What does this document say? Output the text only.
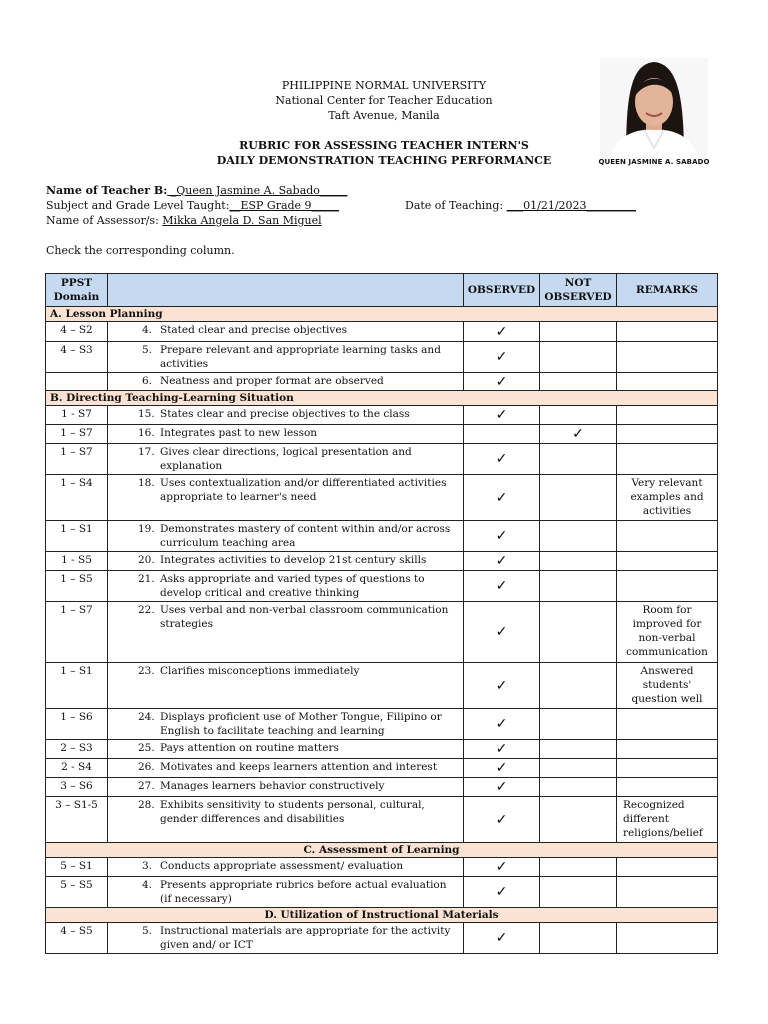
PHILIPPINE NORMAL UNIVERSITY
National Center for Teacher Education
Taft Avenue, Manila
RUBRIC FOR ASSESSING TEACHER INTERN'S
DAILY DEMONSTRATION TEACHING PERFORMANCE	QUEEN JASMINE A. SABADO
Name of Teacher B: _Queen Jasmine A. Sabado_____
Subject and Grade Level Taught:__ESP Grade 9_____	Date of Teaching: ___01/21/2023_________
Name of Assessor/s: Mikka Angela D. San Miguel
Check the corresponding column.
PPST Domain		OBSERVED	NOT OBSERVED	REMARKS
A. Lesson Planning				
4 – S2	4. Stated clear and precise objectives	✓		
4 – S3	5. Prepare relevant and appropriate learning tasks and activities	✓		
	6. Neatness and proper format are observed	✓		
B. Directing Teaching-Learning Situation				
1 - S7	15. States clear and precise objectives to the class	✓		
1 – S7	16. Integrates past to new lesson		✓	
1 – S7	17. Gives clear directions, logical presentation and explanation	✓		
1 – S4	18. Uses contextualization and/or differentiated activities appropriate to learner's need	✓		Very relevant examples and activities
1 – S1	19. Demonstrates mastery of content within and/or across curriculum teaching area	✓		
1 - S5	20. Integrates activities to develop 21st century skills	✓		
1 – S5	21. Asks appropriate and varied types of questions to develop critical and creative thinking	✓		
1 – S7	22. Uses verbal and non-verbal classroom communication strategies	✓		Room for improved for non-verbal communication
1 – S1	23. Clarifies misconceptions immediately	✓		Answered students' question well
1 – S6	24. Displays proficient use of Mother Tongue, Filipino or English to facilitate teaching and learning	✓		
2 – S3	25. Pays attention on routine matters	✓		
2 - S4	26. Motivates and keeps learners attention and interest	✓		
3 – S6	27. Manages learners behavior constructively	✓		
3 – S1-5	28. Exhibits sensitivity to students personal, cultural, gender differences and disabilities	✓		Recognized different religions/belief
C. Assessment of Learning				
5 – S1	3. Conducts appropriate assessment/ evaluation	✓		
5 – S5	4. Presents appropriate rubrics before actual evaluation (if necessary)	✓		
D. Utilization of Instructional Materials				
4 – S5	5. Instructional materials are appropriate for the activity given and/ or ICT	✓		
